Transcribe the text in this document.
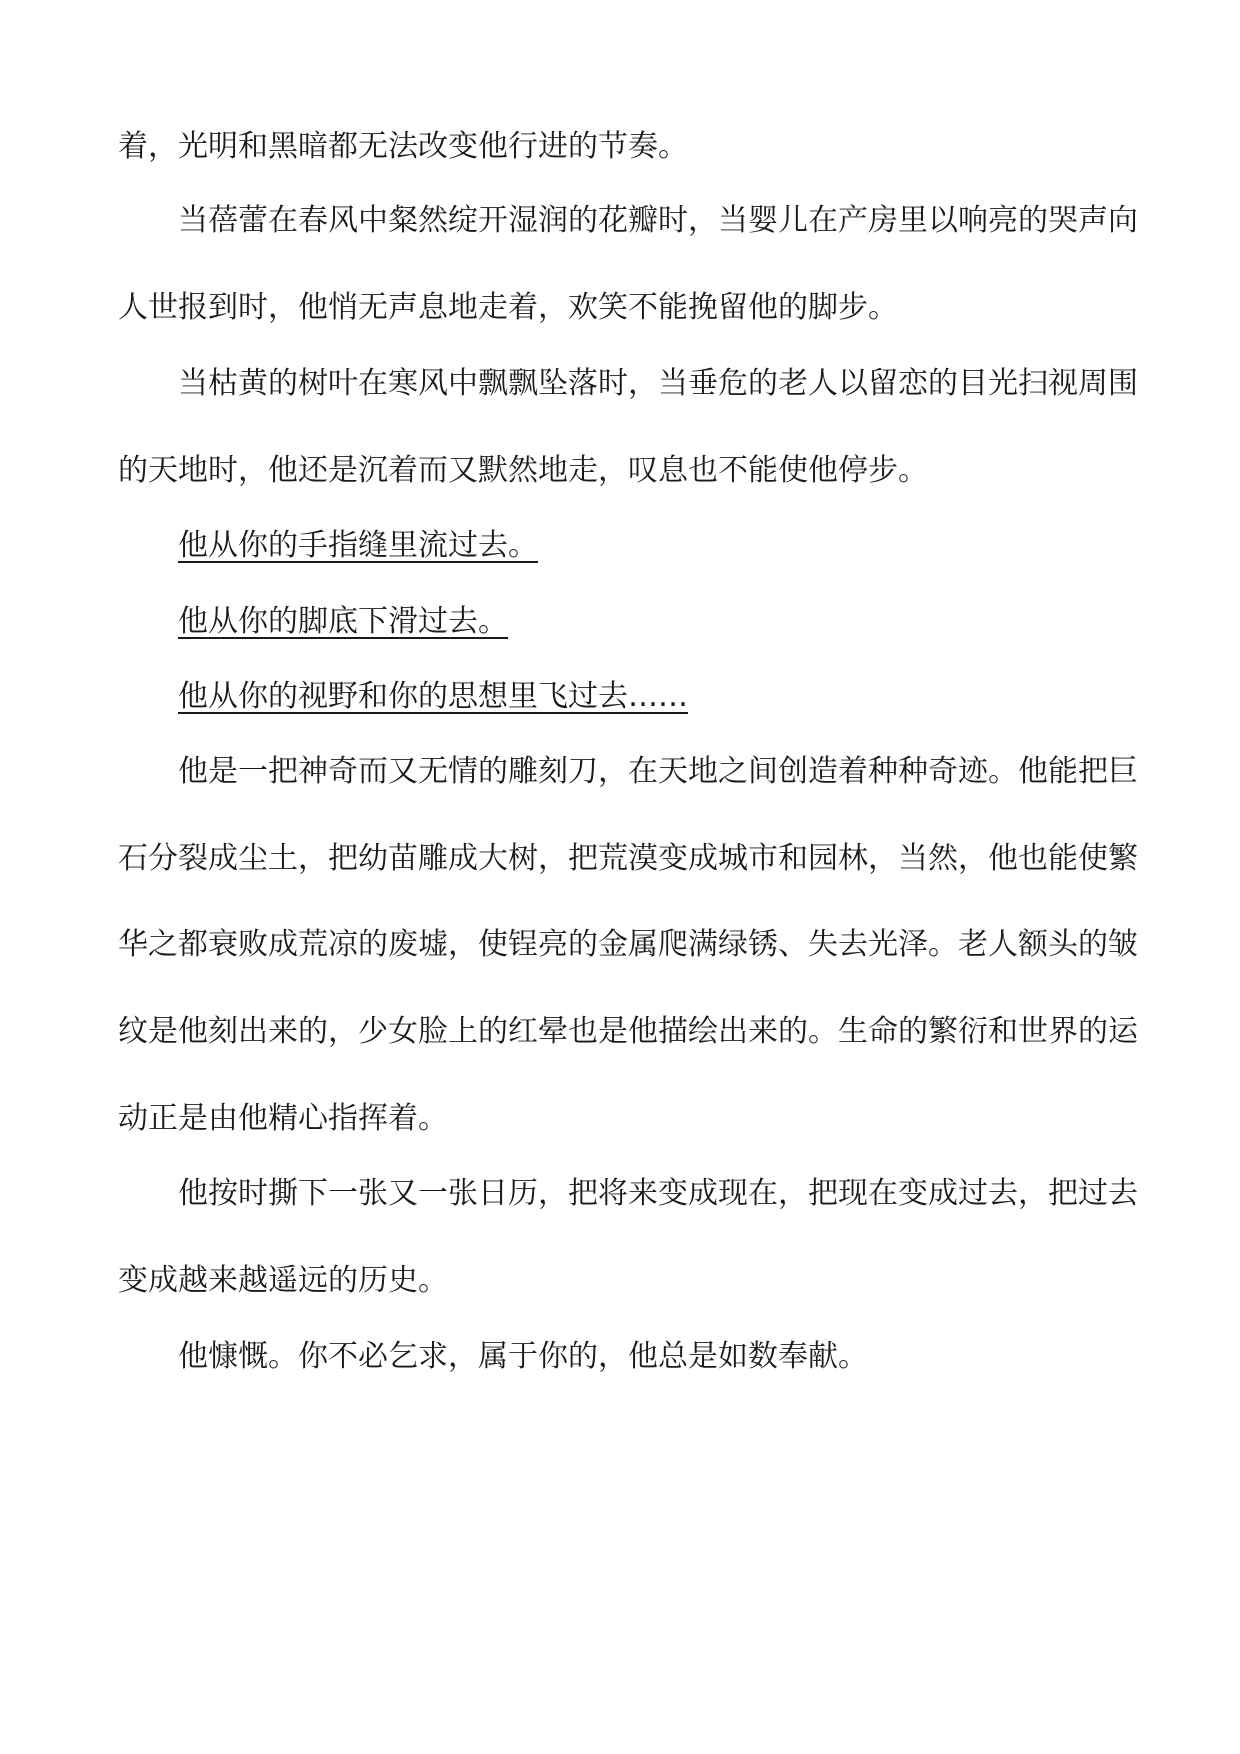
着，光明和黑暗都无法改变他行进的节奏。
当蓓蕾在春风中粲然绽开湿润的花瓣时，当婴儿在产房里以响亮的哭声向
人世报到时，他悄无声息地走着，欢笑不能挽留他的脚步。
当枯黄的树叶在寒风中飘飘坠落时，当垂危的老人以留恋的目光扫视周围
的天地时，他还是沉着而又默然地走，叹息也不能使他停步。
他从你的手指缝里流过去。
他从你的脚底下滑过去。
他从你的视野和你的思想里飞过去……
他是一把神奇而又无情的雕刻刀，在天地之间创造着种种奇迹。他能把巨
石分裂成尘土，把幼苗雕成大树，把荒漠变成城市和园林，当然，他也能使繁
华之都衰败成荒凉的废墟，使锃亮的金属爬满绿锈、失去光泽。老人额头的皱
纹是他刻出来的，少女脸上的红晕也是他描绘出来的。生命的繁衍和世界的运
动正是由他精心指挥着。
他按时撕下一张又一张日历，把将来变成现在，把现在变成过去，把过去
变成越来越遥远的历史。
他慷慨。你不必乞求，属于你的，他总是如数奉献。
